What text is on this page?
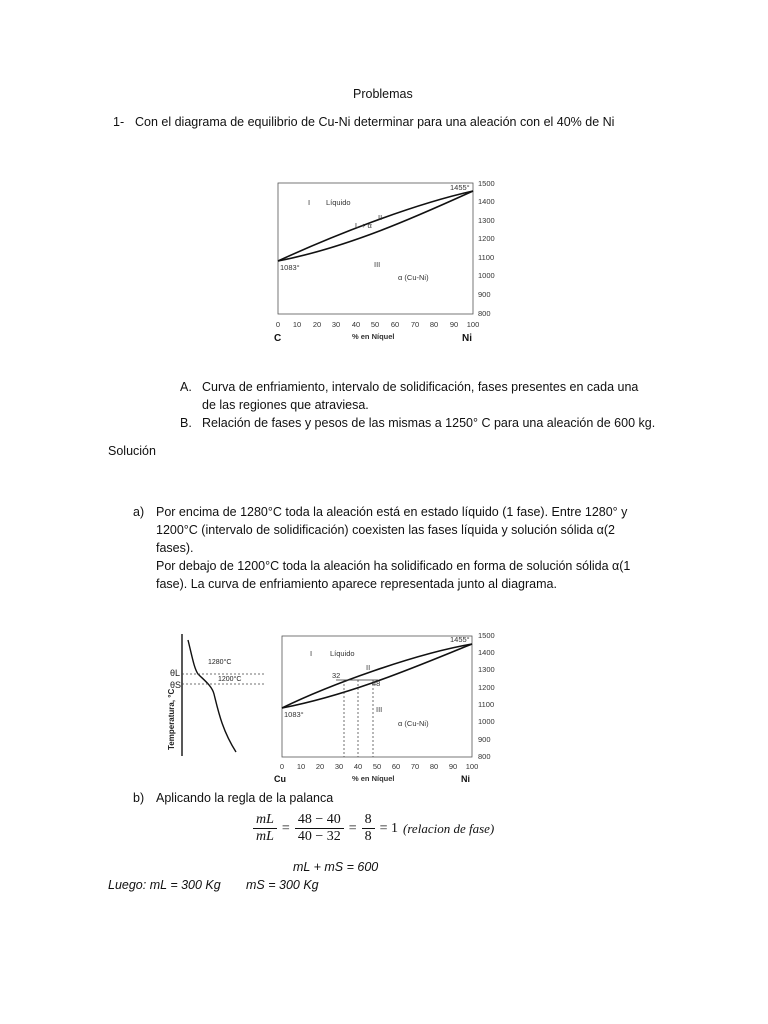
Problemas
1- Con el diagrama de equilibrio de Cu-Ni determinar para una aleación con el 40% de Ni
1500
1400
1300
1200
1100
1000
900
800
0 10 20 30 40 50 60 70 80 90 100
I Líquido
II
L + α
III
α (Cu-Ni)
1455°
1083°
C	% en Níquel	Ni
A. Curva de enfriamiento, intervalo de solidificación, fases presentes en cada una
de las regiones que atraviesa.
B. Relación de fases y pesos de las mismas a 1250° C para una aleación de 600 kg.
Solución
a) Por encima de 1280°C toda la aleación está en estado líquido (1 fase). Entre 1280° y
1200°C (intervalo de solidificación) coexisten las fases líquida y solución sólida α(2
fases).
Por debajo de 1200°C toda la aleación ha solidificado en forma de solución sólida α(1
fase). La curva de enfriamiento aparece representada junto al diagrama.
θL
θS
1280°C
1200°C
Temperatura, °C
1500
1400
1300
1200
1100
1000
900
800
0 10 20 30 40 50 60 70 80 90 100
32
48
I Líquido
II
III
α (Cu-Ni)
1455°
1083°
Cu	% en Níquel	Ni
b) Aplicando la regla de la palanca
$\frac{mL}{mL} = \frac{48 - 40}{40 - 32} = \frac{8}{8} = 1$ (relacion de fase)
mL + mS = 600
Luego: mL = 300 Kg mS = 300 Kg
